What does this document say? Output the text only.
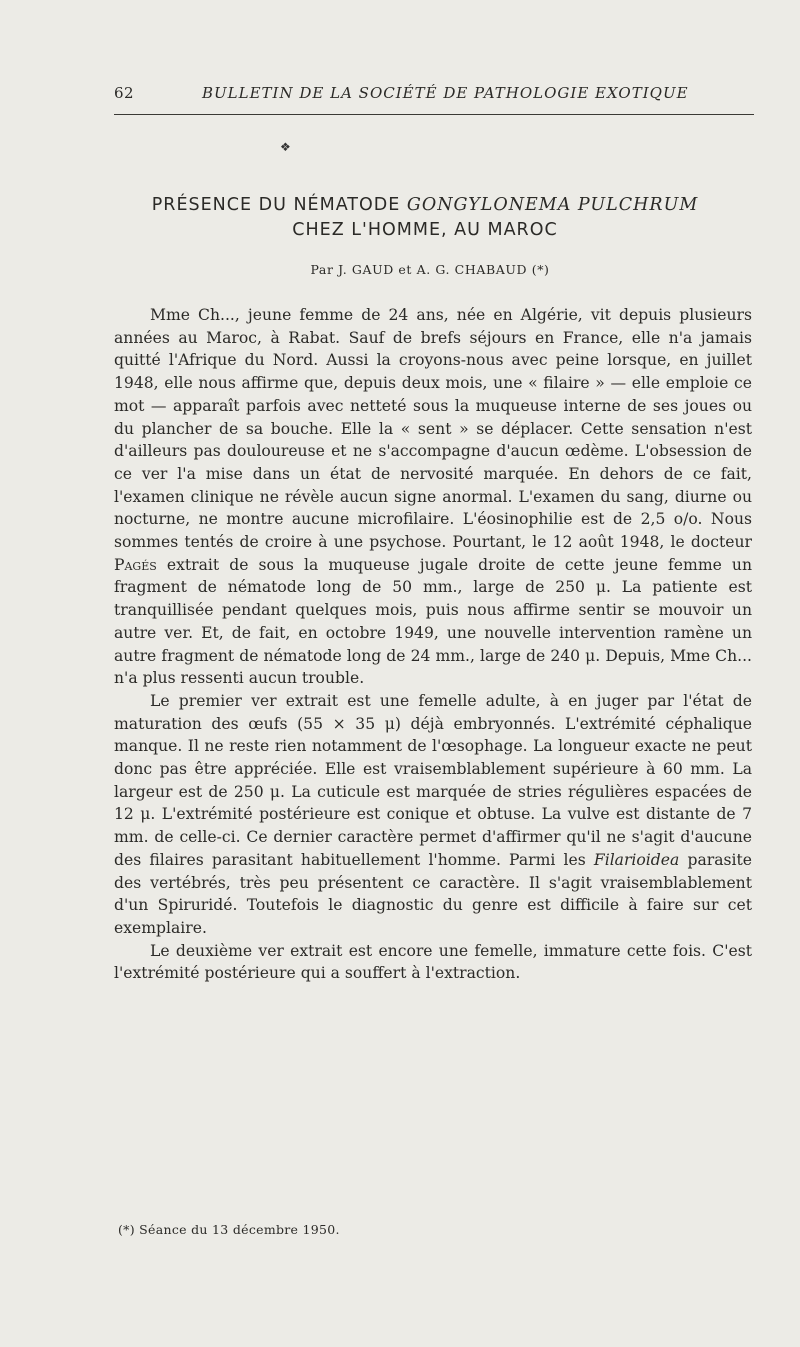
62	BULLETIN DE LA SOCIÉTÉ DE PATHOLOGIE EXOTIQUE
❖
PRÉSENCE DU NÉMATODE GONGYLONEMA PULCHRUM
CHEZ L'HOMME, AU MAROC
Par J. GAUD et A. G. CHABAUD (*)

Mme Ch..., jeune femme de 24 ans, née en Algérie, vit depuis plusieurs années au Maroc, à Rabat. Sauf de brefs séjours en France, elle n'a jamais quitté l'Afrique du Nord. Aussi la croyons-nous avec peine lorsque, en juillet 1948, elle nous affirme que, depuis deux mois, une « filaire » — elle emploie ce mot — apparaît parfois avec netteté sous la muqueuse interne de ses joues ou du plancher de sa bouche. Elle la « sent » se déplacer. Cette sensation n'est d'ailleurs pas douloureuse et ne s'accompagne d'aucun œdème. L'obsession de ce ver l'a mise dans un état de nervosité marquée. En dehors de ce fait, l'examen clinique ne révèle aucun signe anormal. L'examen du sang, diurne ou nocturne, ne montre aucune microfilaire. L'éosinophilie est de 2,5 o/o. Nous sommes tentés de croire à une psychose. Pourtant, le 12 août 1948, le docteur Pagés extrait de sous la muqueuse jugale droite de cette jeune femme un fragment de nématode long de 50 mm., large de 250 μ. La patiente est tranquillisée pendant quelques mois, puis nous affirme sentir se mouvoir un autre ver. Et, de fait, en octobre 1949, une nouvelle intervention ramène un autre fragment de nématode long de 24 mm., large de 240 μ. Depuis, Mme Ch... n'a plus ressenti aucun trouble.

Le premier ver extrait est une femelle adulte, à en juger par l'état de maturation des œufs (55 × 35 μ) déjà embryonnés. L'extrémité céphalique manque. Il ne reste rien notamment de l'œsophage. La longueur exacte ne peut donc pas être appréciée. Elle est vraisemblablement supérieure à 60 mm. La largeur est de 250 μ. La cuticule est marquée de stries régulières espacées de 12 μ. L'extrémité postérieure est conique et obtuse. La vulve est distante de 7 mm. de celle-ci. Ce dernier caractère permet d'affirmer qu'il ne s'agit d'aucune des filaires parasitant habituellement l'homme. Parmi les Filarioidea parasite des vertébrés, très peu présentent ce caractère. Il s'agit vraisemblablement d'un Spiruridé. Toutefois le diagnostic du genre est difficile à faire sur cet exemplaire.

Le deuxième ver extrait est encore une femelle, immature cette fois. C'est l'extrémité postérieure qui a souffert à l'extraction.

(*) Séance du 13 décembre 1950.
